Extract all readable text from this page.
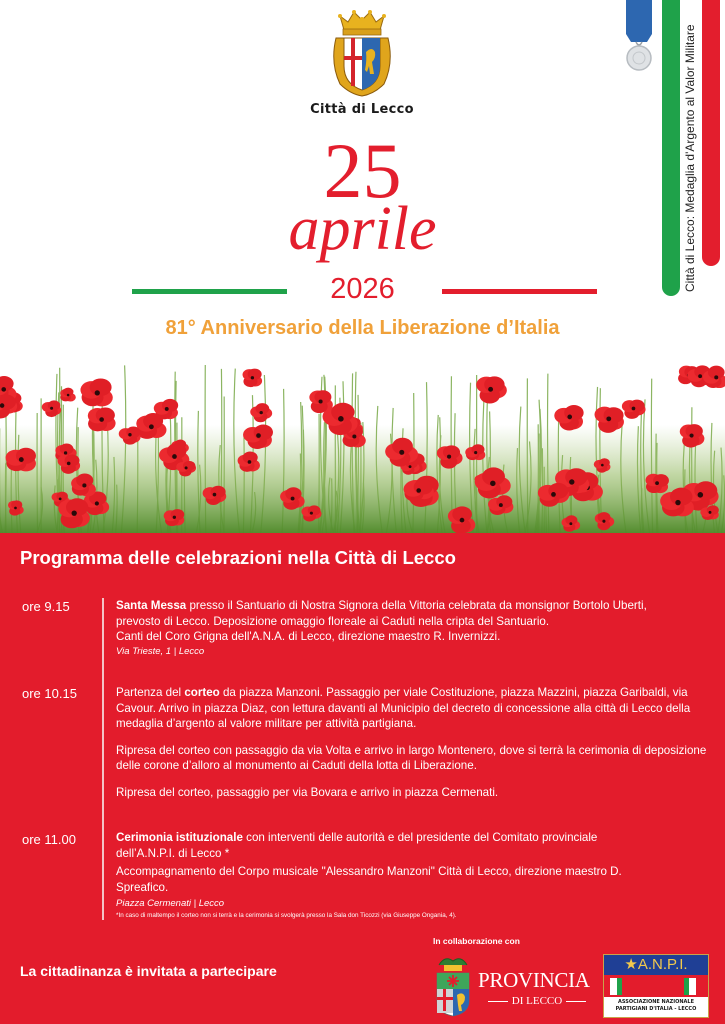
Città di Lecco	Città di Lecco: Medaglia d'Argento al Valor Militare
25
aprile
2026
81° Anniversario della Liberazione d’Italia
Programma delle celebrazioni nella Città di Lecco
ore 9.15	Santa Messa presso il Santuario di Nostra Signora della Vittoria celebrata da monsignor Bortolo Uberti,

prevosto di Lecco. Deposizione omaggio floreale ai Caduti nella cripta del Santuario.

Canti del Coro Grigna dell'A.N.A. di Lecco, direzione maestro R. Invernizzi.

Via Trieste, 1 | Lecco

ore 10.15	Partenza del corteo da piazza Manzoni. Passaggio per viale Costituzione, piazza Mazzini, piazza Garibaldi, via Cavour. Arrivo in piazza Diaz, con lettura davanti al Municipio del decreto di concessione alla città di Lecco della medaglia d’argento al valore militare per attività partigiana.

Ripresa del corteo con passaggio da via Volta e arrivo in largo Montenero, dove si terrà la cerimonia di deposizione delle corone d’alloro al monumento ai Caduti della lotta di Liberazione.

Ripresa del corteo, passaggio per via Bovara e arrivo in piazza Cermenati.

ore 11.00	Cerimonia istituzionale con interventi delle autorità e del presidente del Comitato provinciale dell’A.N.P.I. di Lecco *

Accompagnamento del Corpo musicale "Alessandro Manzoni" Città di Lecco, direzione maestro D. Spreafico.

Piazza Cermenati | Lecco

*In caso di maltempo il corteo non si terrà e la cerimonia si svolgerà presso la Sala don Ticozzi (via Giuseppe Ongania, 4).

La cittadinanza è invitata a partecipare
In collaborazione con
PROVINCIA
DI LECCO
★A.N.P.I.
ASSOCIAZIONE NAZIONALE
PARTIGIANI D'ITALIA - LECCO
